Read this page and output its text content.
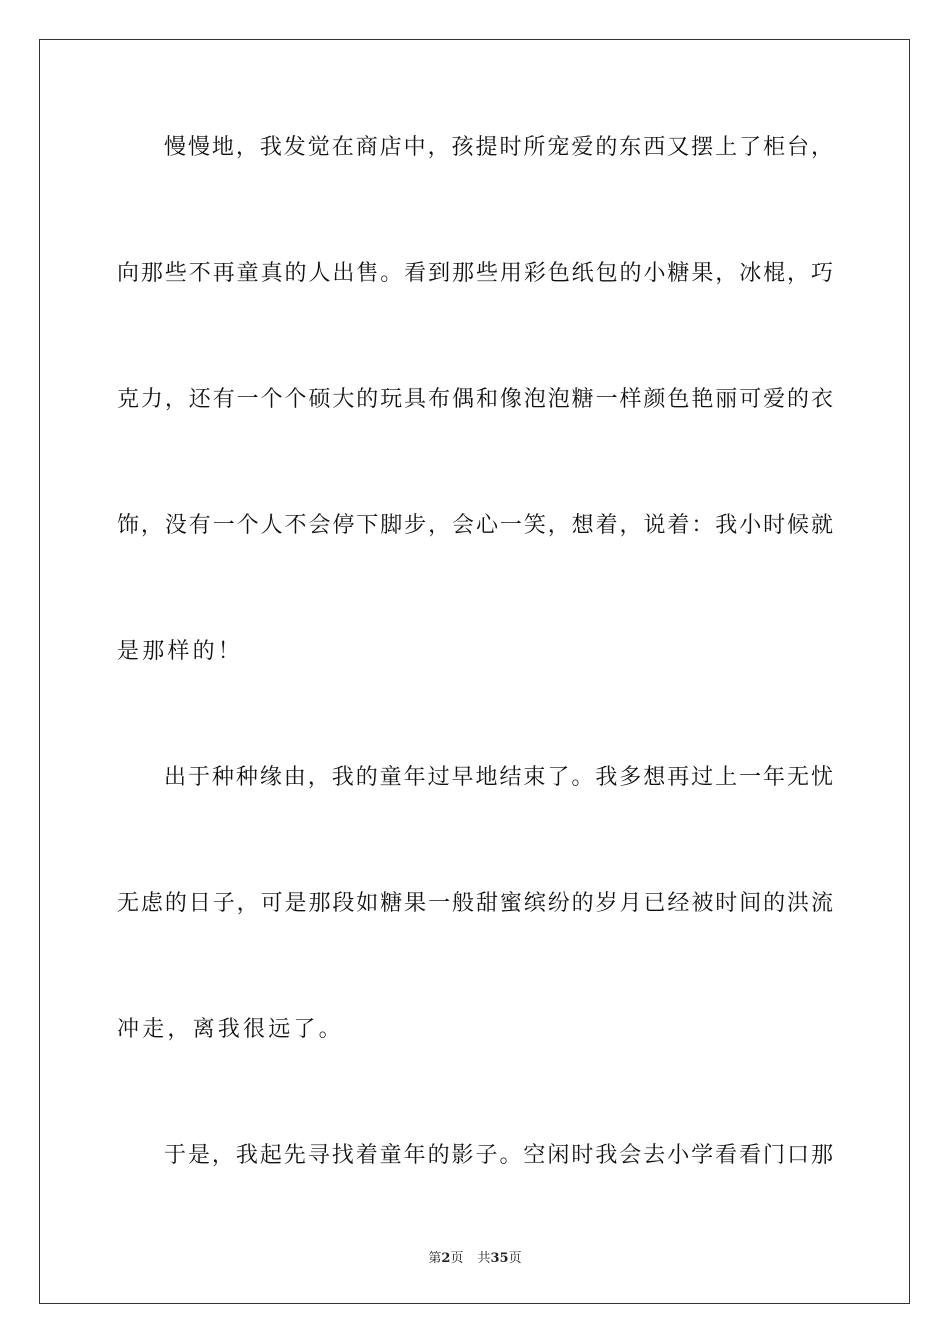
慢慢地，我发觉在商店中，孩提时所宠爱的东西又摆上了柜台，
向那些不再童真的人出售。看到那些用彩色纸包的小糖果，冰棍，巧
克力，还有一个个硕大的玩具布偶和像泡泡糖一样颜色艳丽可爱的衣
饰，没有一个人不会停下脚步，会心一笑，想着，说着：我小时候就
是那样的！
出于种种缘由，我的童年过早地结束了。我多想再过上一年无忧
无虑的日子，可是那段如糖果一般甜蜜缤纷的岁月已经被时间的洪流
冲走，离我很远了。
于是，我起先寻找着童年的影子。空闲时我会去小学看看门口那
第2页 共35页
